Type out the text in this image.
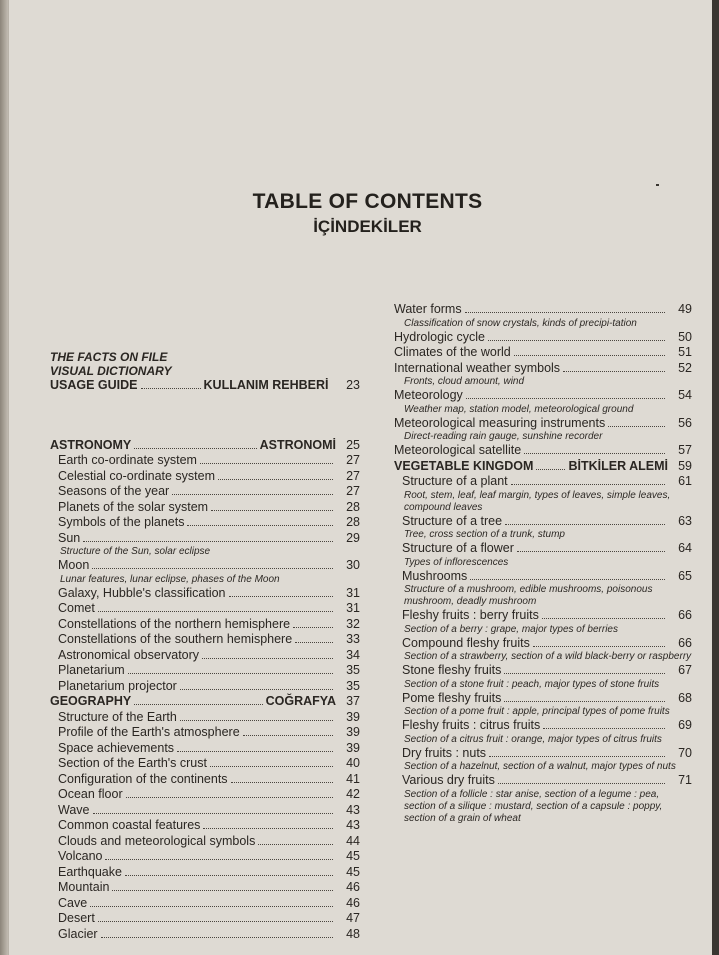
TABLE OF CONTENTS
İÇİNDEKİLER
THE FACTS ON FILE
VISUAL DICTIONARY
USAGE GUIDE	KULLANIM REHBERİ	23
ASTRONOMY	ASTRONOMİ 25
Earth co-ordinate system	27
Celestial co-ordinate system	27
Seasons of the year	27
Planets of the solar system	28
Symbols of the planets	28
Sun	29
Structure of the Sun, solar eclipse
Moon	30
Lunar features, lunar eclipse, phases of the Moon
Galaxy, Hubble's classification	31
Comet	31
Constellations of the northern hemisphere	32
Constellations of the southern hemisphere	33
Astronomical observatory	34
Planetarium	35
Planetarium projector	35
GEOGRAPHY	COĞRAFYA 37
Structure of the Earth	39
Profile of the Earth's atmosphere	39
Space achievements	39
Section of the Earth's crust	40
Configuration of the continents	41
Ocean floor	42
Wave	43
Common coastal features	43
Clouds and meteorological symbols	44
Volcano	45
Earthquake	45
Mountain	46
Cave	46
Desert	47
Glacier	48
Water forms	49
Classification of snow crystals, kinds of precipi-tation
Hydrologic cycle	50
Climates of the world	51
International weather symbols	52
Fronts, cloud amount, wind
Meteorology	54
Weather map, station model, meteorological ground
Meteorological measuring instruments	56
Direct-reading rain gauge, sunshine recorder
Meteorological satellite	57
VEGETABLE KINGDOM	BİTKİLER ALEMİ 59
Structure of a plant	61
Root, stem, leaf, leaf margin, types of leaves, simple leaves, compound leaves
Structure of a tree	63
Tree, cross section of a trunk, stump
Structure of a flower	64
Types of inflorescences
Mushrooms	65
Structure of a mushroom, edible mushrooms, poisonous mushroom, deadly mushroom
Fleshy fruits : berry fruits	66
Section of a berry : grape, major types of berries
Compound fleshy fruits	66
Section of a strawberry, section of a wild black-berry or raspberry
Stone fleshy fruits	67
Section of a stone fruit : peach, major types of stone fruits
Pome fleshy fruits	68
Section of a pome fruit : apple, principal types of pome fruits
Fleshy fruits : citrus fruits	69
Section of a citrus fruit : orange, major types of citrus fruits
Dry fruits : nuts	70
Section of a hazelnut, section of a walnut, major types of nuts
Various dry fruits	71
Section of a follicle : star anise, section of a legume : pea, section of a silique : mustard, section of a capsule : poppy, section of a grain of wheat
